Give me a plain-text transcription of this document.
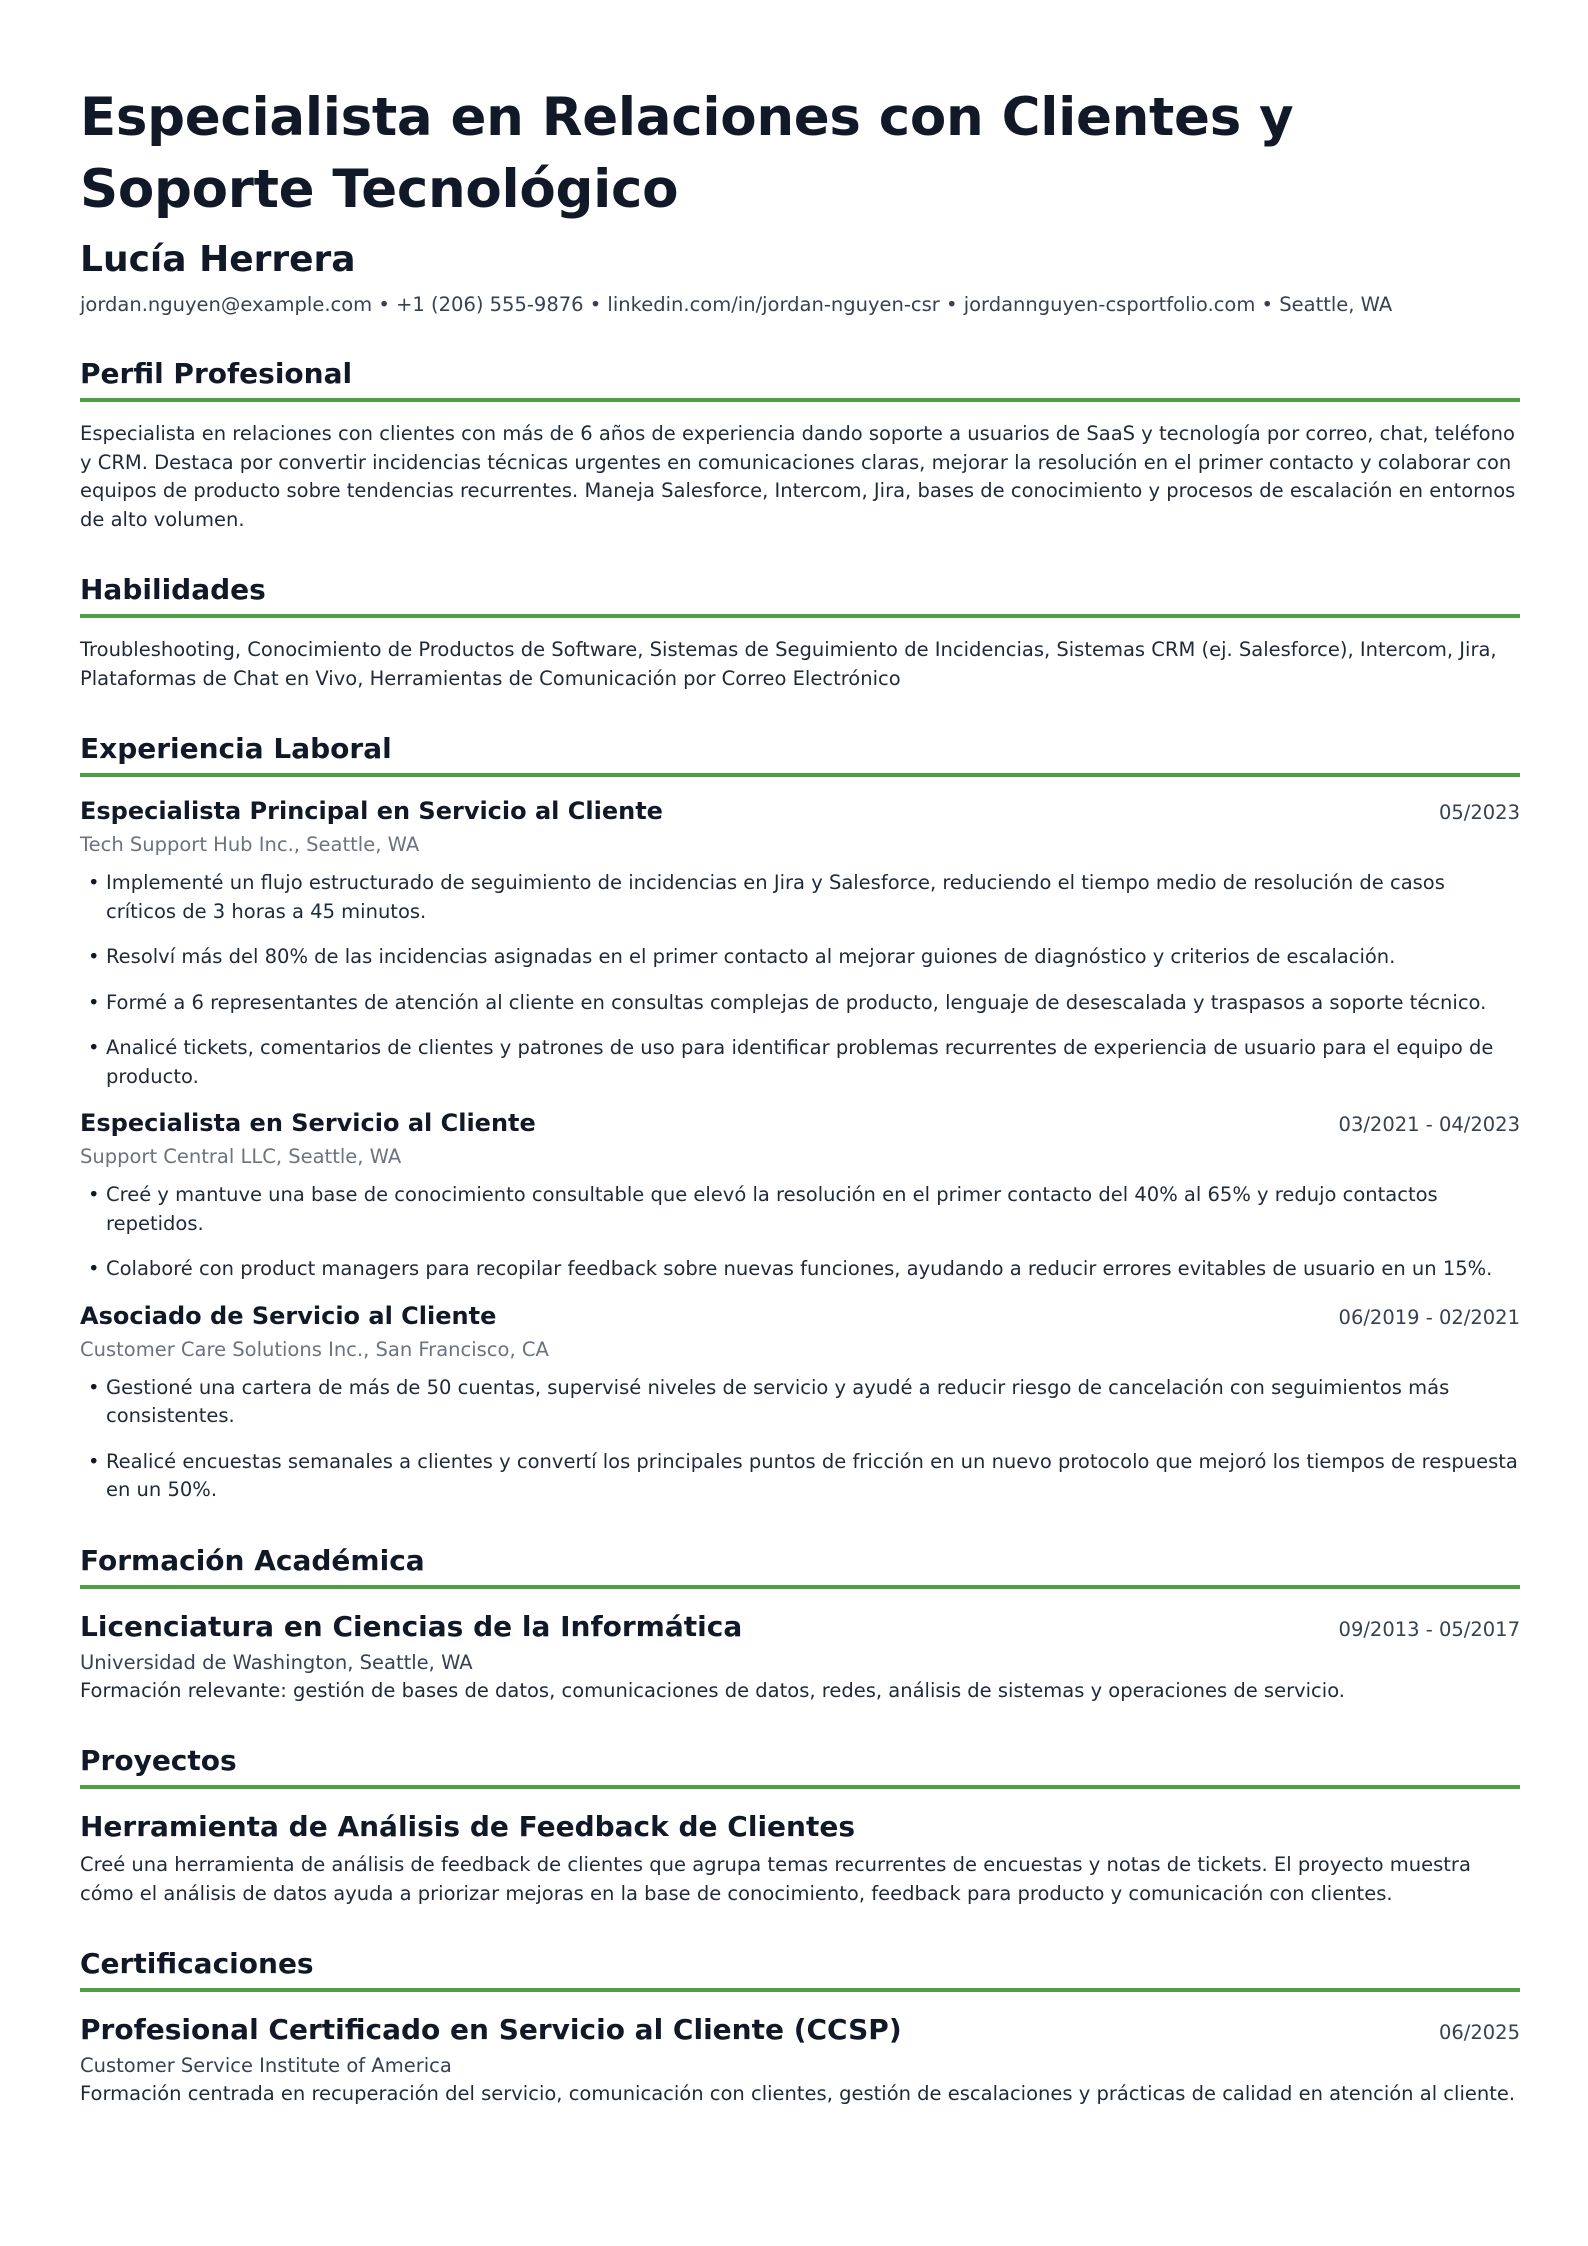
Especialista en Relaciones con Clientes y Soporte Tecnológico
Lucía Herrera
jordan.nguyen@example.com • +1 (206) 555-9876 • linkedin.com/in/jordan-nguyen-csr • jordannguyen-csportfolio.com • Seattle, WA
Perfil Profesional
Especialista en relaciones con clientes con más de 6 años de experiencia dando soporte a usuarios de SaaS y tecnología por correo, chat, teléfono y CRM. Destaca por convertir incidencias técnicas urgentes en comunicaciones claras, mejorar la resolución en el primer contacto y colaborar con equipos de producto sobre tendencias recurrentes. Maneja Salesforce, Intercom, Jira, bases de conocimiento y procesos de escalación en entornos de alto volumen.
Habilidades
Troubleshooting, Conocimiento de Productos de Software, Sistemas de Seguimiento de Incidencias, Sistemas CRM (ej. Salesforce), Intercom, Jira, Plataformas de Chat en Vivo, Herramientas de Comunicación por Correo Electrónico
Experiencia Laboral
Especialista Principal en Servicio al Cliente	05/2023
Tech Support Hub Inc., Seattle, WA
• Implementé un flujo estructurado de seguimiento de incidencias en Jira y Salesforce, reduciendo el tiempo medio de resolución de casos críticos de 3 horas a 45 minutos.
• Resolví más del 80% de las incidencias asignadas en el primer contacto al mejorar guiones de diagnóstico y criterios de escalación.
• Formé a 6 representantes de atención al cliente en consultas complejas de producto, lenguaje de desescalada y traspasos a soporte técnico.
• Analicé tickets, comentarios de clientes y patrones de uso para identificar problemas recurrentes de experiencia de usuario para el equipo de producto.
Especialista en Servicio al Cliente	03/2021 - 04/2023
Support Central LLC, Seattle, WA
• Creé y mantuve una base de conocimiento consultable que elevó la resolución en el primer contacto del 40% al 65% y redujo contactos repetidos.
• Colaboré con product managers para recopilar feedback sobre nuevas funciones, ayudando a reducir errores evitables de usuario en un 15%.
Asociado de Servicio al Cliente	06/2019 - 02/2021
Customer Care Solutions Inc., San Francisco, CA
• Gestioné una cartera de más de 50 cuentas, supervisé niveles de servicio y ayudé a reducir riesgo de cancelación con seguimientos más consistentes.
• Realicé encuestas semanales a clientes y convertí los principales puntos de fricción en un nuevo protocolo que mejoró los tiempos de respuesta en un 50%.
Formación Académica
Licenciatura en Ciencias de la Informática	09/2013 - 05/2017
Universidad de Washington, Seattle, WA
Formación relevante: gestión de bases de datos, comunicaciones de datos, redes, análisis de sistemas y operaciones de servicio.
Proyectos
Herramienta de Análisis de Feedback de Clientes
Creé una herramienta de análisis de feedback de clientes que agrupa temas recurrentes de encuestas y notas de tickets. El proyecto muestra cómo el análisis de datos ayuda a priorizar mejoras en la base de conocimiento, feedback para producto y comunicación con clientes.
Certificaciones
Profesional Certificado en Servicio al Cliente (CCSP)	06/2025
Customer Service Institute of America
Formación centrada en recuperación del servicio, comunicación con clientes, gestión de escalaciones y prácticas de calidad en atención al cliente.
